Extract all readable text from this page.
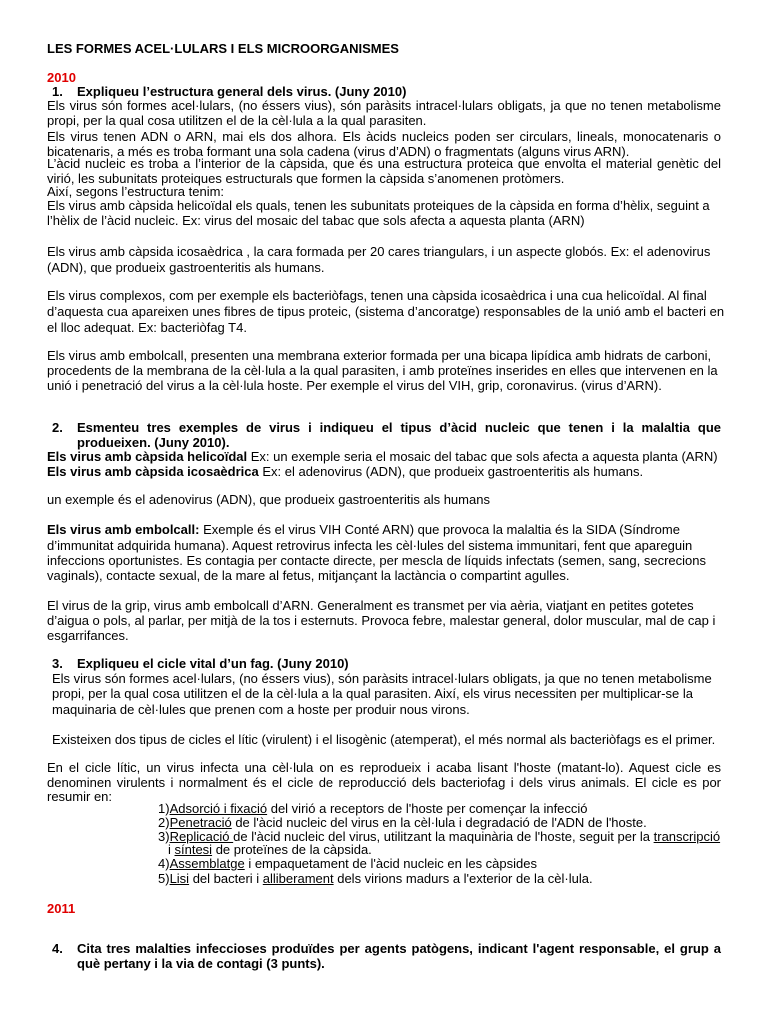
LES FORMES ACEL·LULARS I ELS MICROORGANISMES
2010
1. Expliqueu l’estructura general dels virus. (Juny 2010)
Els virus són formes acel·lulars, (no éssers vius), són paràsits intracel·lulars obligats, ja que no tenen metabolisme
propi, per la qual cosa utilitzen el de la cèl·lula a la qual parasiten.
Els virus tenen ADN o ARN, mai els dos alhora. Els àcids nucleics poden ser circulars, lineals, monocatenaris o
bicatenaris, a més es troba formant una sola cadena (virus d’ADN) o fragmentats (alguns virus ARN).
L’àcid nucleic es troba a l’interior de la càpsida, que és una estructura proteica que envolta el material genètic del
virió, les subunitats proteiques estructurals que formen la càpsida s’anomenen protòmers.
Així, segons l’estructura tenim:
Els virus amb càpsida helicoïdal els quals, tenen les subunitats proteiques de la càpsida en forma d’hèlix, seguint a
l’hèlix de l’àcid nucleic. Ex: virus del mosaic del tabac que sols afecta a aquesta planta (ARN)
Els virus amb càpsida icosaèdrica , la cara formada per 20 cares triangulars, i un aspecte globós. Ex: el adenovirus
(ADN), que produeix gastroenteritis als humans.
Els virus complexos, com per exemple els bacteriòfags, tenen una càpsida icosaèdrica i una cua helicoïdal. Al final
d’aquesta cua apareixen unes fibres de tipus proteic, (sistema d’ancoratge) responsables de la unió amb el bacteri en
el lloc adequat. Ex: bacteriòfag T4.
Els virus amb embolcall, presenten una membrana exterior formada per una bicapa lipídica amb hidrats de carboni,
procedents de la membrana de la cèl·lula a la qual parasiten, i amb proteïnes inserides en elles que intervenen en la
unió i penetració del virus a la cèl·lula hoste. Per exemple el virus del VIH, grip, coronavirus. (virus d’ARN).
2. Esmenteu tres exemples de virus i indiqueu el tipus d’àcid nucleic que tenen i la malaltia que
produeixen. (Juny 2010).
Els virus amb càpsida helicoïdal Ex: un exemple seria el mosaic del tabac que sols afecta a aquesta planta (ARN)
Els virus amb càpsida icosaèdrica Ex: el adenovirus (ADN), que produeix gastroenteritis als humans.
un exemple és el adenovirus (ADN), que produeix gastroenteritis als humans
Els virus amb embolcall: Exemple és el virus VIH Conté ARN) que provoca la malaltia és la SIDA (Síndrome
d’immunitat adquirida humana). Aquest retrovirus infecta les cèl·lules del sistema immunitari, fent que apareguin
infeccions oportunistes. Es contagia per contacte directe, per mescla de líquids infectats (semen, sang, secrecions
vaginals), contacte sexual, de la mare al fetus, mitjançant la lactància o compartint agulles.
El virus de la grip, virus amb embolcall d’ARN. Generalment es transmet per via aèria, viatjant en petites gotetes
d’aigua o pols, al parlar, per mitjà de la tos i esternuts. Provoca febre, malestar general, dolor muscular, mal de cap i
esgarrifances.
3. Expliqueu el cicle vital d’un fag. (Juny 2010)
Els virus són formes acel·lulars, (no éssers vius), són paràsits intracel·lulars obligats, ja que no tenen metabolisme
propi, per la qual cosa utilitzen el de la cèl·lula a la qual parasiten. Així, els virus necessiten per multiplicar-se la
maquinaria de cèl·lules que prenen com a hoste per produir nous virons.
Existeixen dos tipus de cicles el lític (virulent) i el lisogènic (atemperat), el més normal als bacteriòfags es el primer.
En el cicle lític, un virus infecta una cèl·lula on es reprodueix i acaba lisant l'hoste (matant-lo). Aquest cicle es
denominen virulents i normalment és el cicle de reproducció dels bacteriofag i dels virus animals. El cicle es por
resumir en:
1)Adsorció i fixació del virió a receptors de l'hoste per començar la infecció
2)Penetració de l'àcid nucleic del virus en la cèl·lula i degradació de l'ADN de l'hoste.
3)Replicació de l'àcid nucleic del virus, utilitzant la maquinària de l'hoste, seguit per la transcripció
i síntesi de proteïnes de la càpsida.
4)Assemblatge i empaquetament de l'àcid nucleic en les càpsides
5)Lisi del bacteri i alliberament dels virions madurs a l'exterior de la cèl·lula.
2011
4. Cita tres malalties infeccioses produïdes per agents patògens, indicant l'agent responsable, el grup a
què pertany i la via de contagi (3 punts).
